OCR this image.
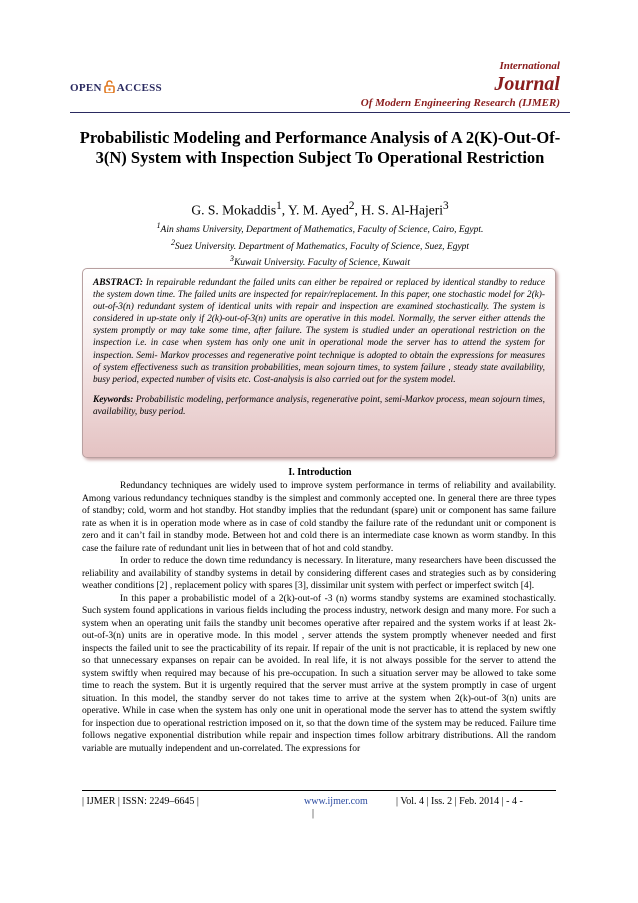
OPEN ACCESS
International
Journal
Of Modern Engineering Research (IJMER)
Probabilistic Modeling and Performance Analysis of A 2(K)-Out-Of-3(N) System with Inspection Subject To Operational Restriction
G. S. Mokaddis$^1$, Y. M. Ayed$^2$, H. S. Al-Hajeri$^3$
$^1$Ain shams University, Department of Mathematics, Faculty of Science, Cairo, Egypt.
$^2$Suez University. Department of Mathematics, Faculty of Science, Suez, Egypt
$^3$Kuwait University. Faculty of Science, Kuwait
ABSTRACT: In repairable redundant the failed units can either be repaired or replaced by identical standby to reduce the system down time. The failed units are inspected for repair/replacement. In this paper, one stochastic model for 2(k)-out-of-3(n) redundant system of identical units with repair and inspection are examined stochastically. The system is considered in up-state only if 2(k)-out-of-3(n) units are operative in this model. Normally, the server either attends the system promptly or may take some time, after failure. The system is studied under an operational restriction on the inspection i.e. in case when system has only one unit in operational mode the server has to attend the system for inspection. Semi- Markov processes and regenerative point technique is adopted to obtain the expressions for measures of system effectiveness such as transition probabilities, mean sojourn times, to system failure , steady state availability, busy period, expected number of visits etc. Cost-analysis is also carried out for the system model.
Keywords: Probabilistic modeling, performance analysis, regenerative point, semi-Markov process, mean sojourn times, availability, busy period.
I. Introduction

Redundancy techniques are widely used to improve system performance in terms of reliability and availability. Among various redundancy techniques standby is the simplest and commonly accepted one. In general there are three types of standby; cold, worm and hot standby. Hot standby implies that the redundant (spare) unit or component has same failure rate as when it is in operation mode where as in case of cold standby the failure rate of the redundant unit or component is zero and it can’t fail in standby mode. Between hot and cold there is an intermediate case known as worm standby. In this case the failure rate of redundant unit lies in between that of hot and cold standby.

In order to reduce the down time redundancy is necessary. In literature, many researchers have been discussed the reliability and availability of standby systems in detail by considering different cases and strategies such as by considering weather conditions [2] , replacement policy with spares [3], dissimilar unit system with perfect or imperfect switch [4].

In this paper a probabilistic model of a 2(k)-out-of -3 (n) worms standby systems are examined stochastically. Such system found applications in various fields including the process industry, network design and many more. For such a system when an operating unit fails the standby unit becomes operative after repaired and the system works if at least 2k-out-of-3(n) units are in operative mode. In this model , server attends the system promptly whenever needed and first inspects the failed unit to see the practicability of its repair. If repair of the unit is not practicable, it is replaced by new one so that unnecessary expanses on repair can be avoided. In real life, it is not always possible for the server to attend the system swiftly when required may because of his pre-occupation. In such a situation server may be allowed to take some time to reach the system. But it is urgently required that the server must arrive at the system promptly in case of urgent situation. In this model, the standby server do not takes time to arrive at the system when 2(k)-out-of 3(n) units are operative. While in case when the system has only one unit in operational mode the server has to attend the system swiftly for inspection due to operational restriction imposed on it, so that the down time of the system may be reduced. Failure time follows negative exponential distribution while repair and inspection times follow arbitrary distributions. All the random variable are mutually independent and un-correlated. The expressions for

| IJMER | ISSN: 2249–6645 |	www.ijmer.com	| Vol. 4 | Iss. 2 | Feb. 2014 | - 4 -
|
